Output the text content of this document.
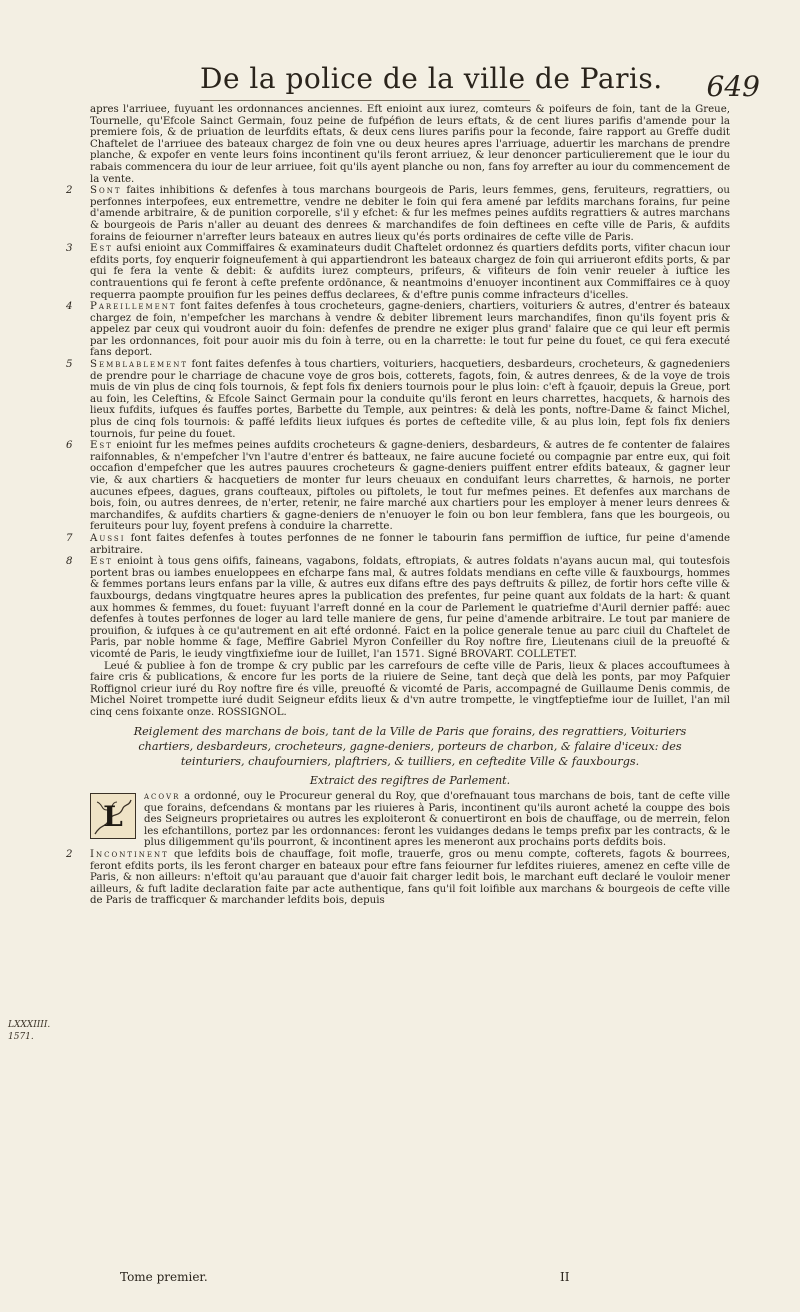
De la police de la ville de Paris. 649
LXXXIIII.
1571.

apres l'arriuee, fuyuant les ordonnances anciennes. Eft enioint aux iurez, comteurs & poifeurs de foin, tant de la Greue, Tournelle, qu'Efcole Sainct Germain, fouz peine de fufpéfion de leurs eftats, & de cent liures parifis d'amende pour la premiere fois, & de priuation de leurfdits eftats, & deux cens liures parifis pour la feconde, faire rapport au Greffe dudit Chaftelet de l'arriuee des bateaux chargez de foin vne ou deux heures apres l'arriuage, aduertir les marchans de prendre planche, & expofer en vente leurs foins incontinent qu'ils feront arriuez, & leur denoncer particulierement que le iour du rabais commencera du iour de leur arriuee, foit qu'ils ayent planche ou non, fans foy arrefter au iour du commencement de la vente.

2 Sont faites inhibitions & defenfes à tous marchans bourgeois de Paris, leurs femmes, gens, feruiteurs, regrattiers, ou perfonnes interpofees, eux entremettre, vendre ne debiter le foin qui fera amené par lefdits marchans forains, fur peine d'amende arbitraire, & de punition corporelle, s'il y efchet: & fur les mefmes peines aufdits regrattiers & autres marchans & bourgeois de Paris n'aller au deuant des denrees & marchandifes de foin deftinees en cefte ville de Paris, & aufdits forains de feiourner n'arrefter leurs bateaux en autres lieux qu'és ports ordinaires de cefte ville de Paris.

3 Est aufsi enioint aux Commiffaires & examinateurs dudit Chaftelet ordonnez és quartiers defdits ports, vifiter chacun iour efdits ports, foy enquerir foigneufement à qui appartiendront les bateaux chargez de foin qui arriueront efdits ports, & par qui fe fera la vente & debit: & aufdits iurez compteurs, prifeurs, & vifiteurs de foin venir reueler à iuftice les contrauentions qui fe feront à cefte prefente ordōnance, & neantmoins d'enuoyer incontinent aux Commiffaires ce à quoy requerra paompte prouifion fur les peines deffus declarees, & d'eftre punis comme infracteurs d'icelles.

4 Pareillement font faites defenfes à tous crocheteurs, gagne-deniers, chartiers, voituriers & autres, d'entrer és bateaux chargez de foin, n'empefcher les marchans à vendre & debiter librement leurs marchandifes, finon qu'ils foyent pris & appelez par ceux qui voudront auoir du foin: defenfes de prendre ne exiger plus grand' falaire que ce qui leur eft permis par les ordonnances, foit pour auoir mis du foin à terre, ou en la charrette: le tout fur peine du fouet, ce qui fera executé fans deport.

5 Semblablement font faites defenfes à tous chartiers, voituriers, hacquetiers, desbardeurs, crocheteurs, & gagnedeniers de prendre pour le charriage de chacune voye de gros bois, cotterets, fagots, foin, & autres denrees, & de la voye de trois muis de vin plus de cinq fols tournois, & fept fols fix deniers tournois pour le plus loin: c'eft à fçauoir, depuis la Greue, port au foin, les Celeftins, & Efcole Sainct Germain pour la conduite qu'ils feront en leurs charrettes, hacquets, & harnois des lieux fufdits, iufques és fauffes portes, Barbette du Temple, aux peintres: & delà les ponts, noftre-Dame & fainct Michel, plus de cinq fols tournois: & paffé lefdits lieux iufques és portes de ceftedite ville, & au plus loin, fept fols fix deniers tournois, fur peine du fouet.

6 Est enioint fur les mefmes peines aufdits crocheteurs & gagne-deniers, desbardeurs, & autres de fe contenter de falaires raifonnables, & n'empefcher l'vn l'autre d'entrer és batteaux, ne faire aucune focieté ou compagnie par entre eux, qui foit occafion d'empefcher que les autres pauures crocheteurs & gagne-deniers puiffent entrer efdits bateaux, & gagner leur vie, & aux chartiers & hacquetiers de monter fur leurs cheuaux en conduifant leurs charrettes, & harnois, ne porter aucunes efpees, dagues, grans coufteaux, piftoles ou piftolets, le tout fur mefmes peines. Et defenfes aux marchans de bois, foin, ou autres denrees, de n'erter, retenir, ne faire marché aux chartiers pour les employer à mener leurs denrees & marchandifes, & aufdits chartiers & gagne-deniers de n'enuoyer le foin ou bon leur femblera, fans que les bourgeois, ou feruiteurs pour luy, foyent prefens à conduire la charrette.

7 Aussi font faites defenfes à toutes perfonnes de ne fonner le tabourin fans permiffion de iuftice, fur peine d'amende arbitraire.

8 Est enioint à tous gens oififs, faineans, vagabons, foldats, eftropiats, & autres foldats n'ayans aucun mal, qui toutesfois portent bras ou iambes enueloppees en efcharpe fans mal, & autres foldats mendians en cefte ville & fauxbourgs, hommes & femmes portans leurs enfans par la ville, & autres eux difans eftre des pays deftruits & pillez, de fortir hors cefte ville & fauxbourgs, dedans vingtquatre heures apres la publication des prefentes, fur peine quant aux foldats de la hart: & quant aux hommes & femmes, du fouet: fuyuant l'arreft donné en la cour de Parlement le quatriefme d'Auril dernier paffé: auec defenfes à toutes perfonnes de loger au lard telle maniere de gens, fur peine d'amende arbitraire. Le tout par maniere de prouifion, & iufques à ce qu'autrement en ait efté ordonné. Faict en la police generale tenue au parc ciuil du Chaftelet de Paris, par noble homme & fage, Meffire Gabriel Myron Confeiller du Roy noftre fire, Lieutenans ciuil de la preuofté & vicomté de Paris, le ieudy vingtfixiefme iour de Iuillet, l'an 1571. Signé BROVART. COLLETET.

Leué & publiee à fon de trompe & cry public par les carrefours de cefte ville de Paris, lieux & places accouftumees à faire cris & publications, & encore fur les ports de la riuiere de Seine, tant deçà que delà les ponts, par moy Pafquier Roffignol crieur iuré du Roy noftre fire és ville, preuofté & vicomté de Paris, accompagné de Guillaume Denis commis, de Michel Noiret trompette iuré dudit Seigneur efdits lieux & d'vn autre trompette, le vingtfeptiefme iour de Iuillet, l'an mil cinq cens foixante onze. ROSSIGNOL.

Reiglement des marchans de bois, tant de la Ville de Paris que forains, des regrattiers, Voituriers chartiers, desbardeurs, crocheteurs, gagne-deniers, porteurs de charbon, & falaire d'iceux: des teinturiers, chaufourniers, plaftriers, & tuilliers, en ceftedite Ville & fauxbourgs.
Extraict des regiftres de Parlement.

L
acovr a ordonné, ouy le Procureur general du Roy, que d'orefnauant tous marchans de bois, tant de cefte ville que forains, defcendans & montans par les riuieres à Paris, incontinent qu'ils auront acheté la couppe des bois des Seigneurs proprietaires ou autres les exploiteront & conuertiront en bois de chauffage, ou de merrein, felon les efchantillons, portez par les ordonnances: feront les vuidanges dedans le temps prefix par les contracts, & le plus diligemment qu'ils pourront, & incontinent apres les meneront aux prochains ports defdits bois.

2 Incontinent que lefdits bois de chauffage, foit mofle, trauerfe, gros ou menu compte, cofterets, fagots & bourrees, feront efdits ports, ils les feront charger en bateaux pour eftre fans feiourner fur lefdites riuieres, amenez en cefte ville de Paris, & non ailleurs: n'eftoit qu'au parauant que d'auoir fait charger ledit bois, le marchant euft declaré le vouloir mener ailleurs, & fuft ladite declaration faite par acte authentique, fans qu'il foit loifible aux marchans & bourgeois de cefte ville de Paris de trafficquer & marchander lefdits bois, depuis

Tome premier.	II
